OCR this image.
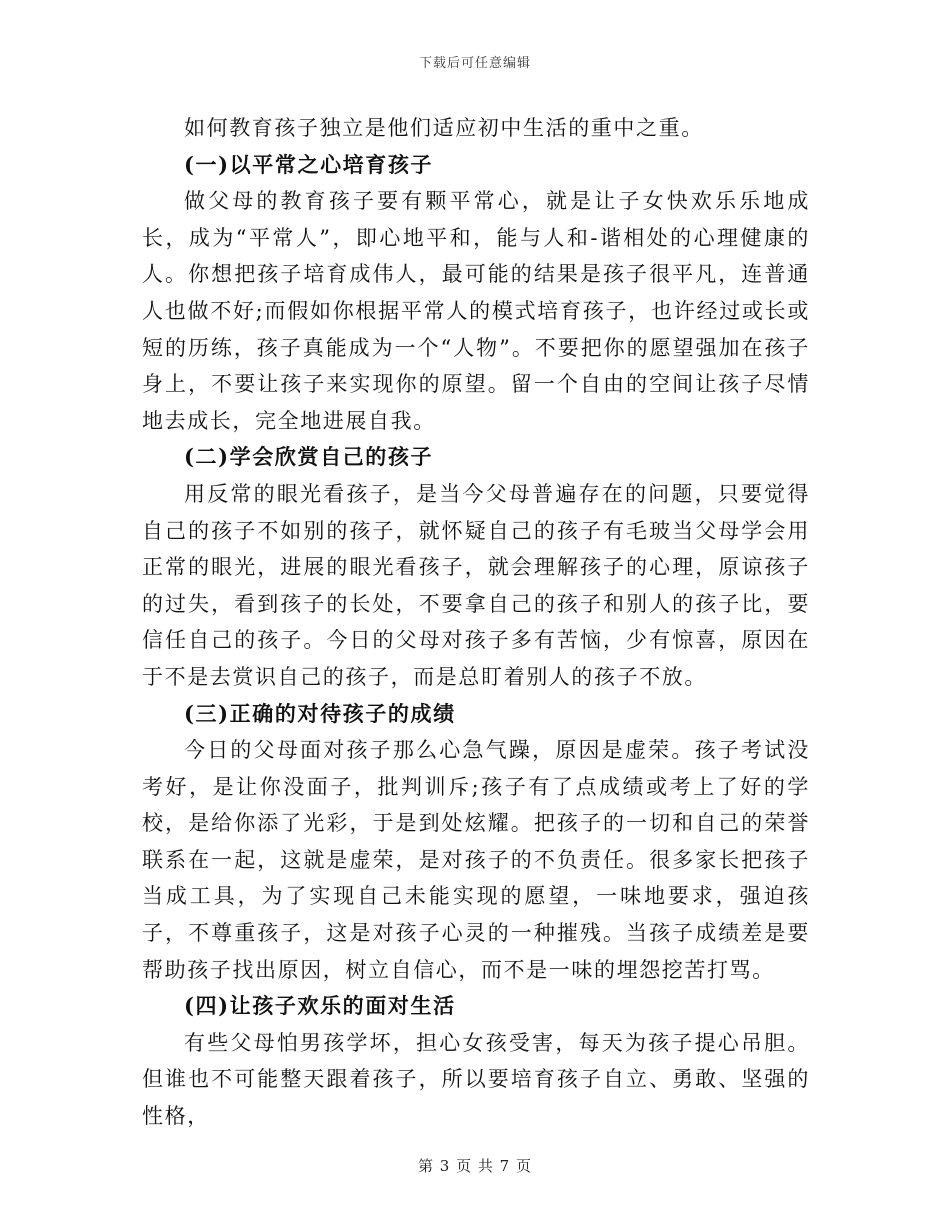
下载后可任意编辑

如何教育孩子独立是他们适应初中生活的重中之重。

(一)以平常之心培育孩子

做父母的教育孩子要有颗平常心，就是让子女快欢乐乐地成长，成为“平常人”，即心地平和，能与人和-谐相处的心理健康的人。你想把孩子培育成伟人，最可能的结果是孩子很平凡，连普通人也做不好;而假如你根据平常人的模式培育孩子，也许经过或长或短的历练，孩子真能成为一个“人物”。不要把你的愿望强加在孩子身上，不要让孩子来实现你的原望。留一个自由的空间让孩子尽情地去成长，完全地进展自我。

(二)学会欣赏自己的孩子

用反常的眼光看孩子，是当今父母普遍存在的问题，只要觉得自己的孩子不如别的孩子，就怀疑自己的孩子有毛玻当父母学会用正常的眼光，进展的眼光看孩子，就会理解孩子的心理，原谅孩子的过失，看到孩子的长处，不要拿自己的孩子和别人的孩子比，要信任自己的孩子。今日的父母对孩子多有苦恼，少有惊喜，原因在于不是去赏识自己的孩子，而是总盯着别人的孩子不放。

(三)正确的对待孩子的成绩

今日的父母面对孩子那么心急气躁，原因是虚荣。孩子考试没考好，是让你没面子，批判训斥;孩子有了点成绩或考上了好的学校，是给你添了光彩，于是到处炫耀。把孩子的一切和自己的荣誉联系在一起，这就是虚荣，是对孩子的不负责任。很多家长把孩子当成工具，为了实现自己未能实现的愿望，一味地要求，强迫孩子，不尊重孩子，这是对孩子心灵的一种摧残。当孩子成绩差是要帮助孩子找出原因，树立自信心，而不是一味的埋怨挖苦打骂。

(四)让孩子欢乐的面对生活

有些父母怕男孩学坏，担心女孩受害，每天为孩子提心吊胆。但谁也不可能整天跟着孩子，所以要培育孩子自立、勇敢、坚强的性格，

第 3 页 共 7 页
